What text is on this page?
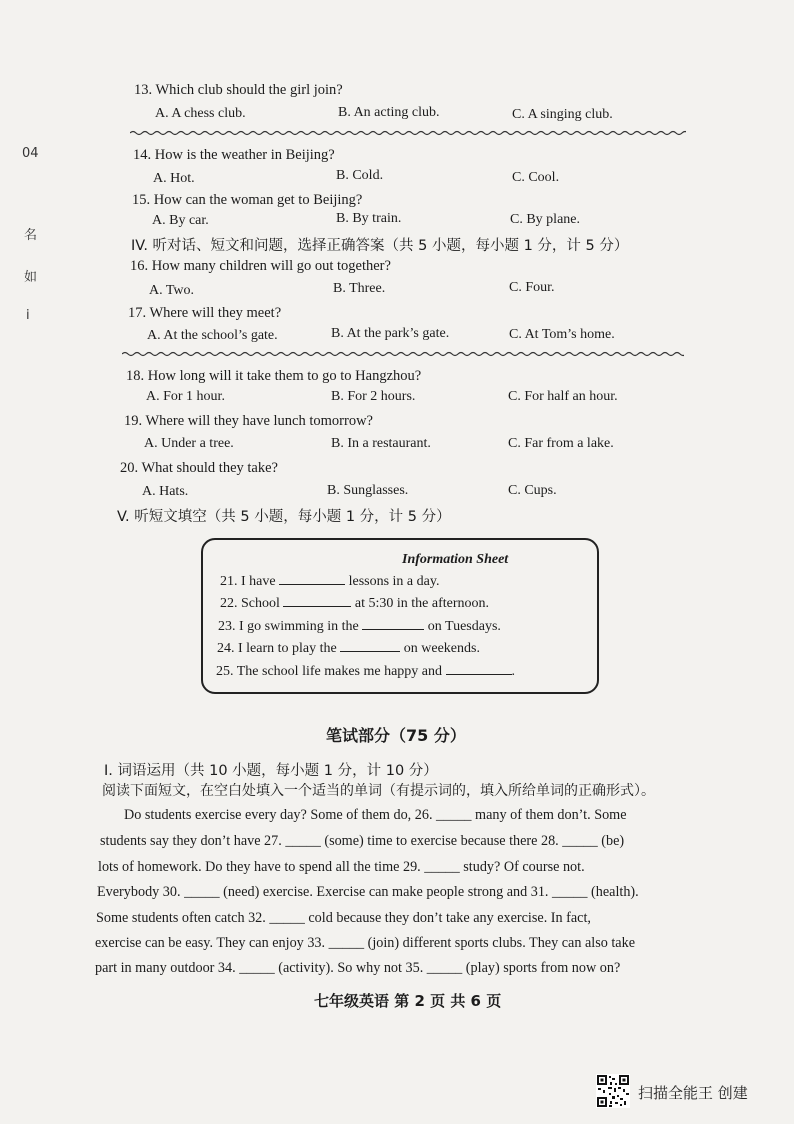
04
名
如
i
13. Which club should the girl join?
A. A chess club.	B. An acting club.	C. A singing club.
14. How is the weather in Beijing?
A. Hot.	B. Cold.	C. Cool.
15. How can the woman get to Beijing?
A. By car.	B. By train.	C. By plane.
IV. 听对话、短文和问题，选择正确答案（共 5 小题，每小题 1 分，计 5 分）
16. How many children will go out together?
A. Two.	B. Three.	C. Four.
17. Where will they meet?
A. At the school’s gate.	B. At the park’s gate.	C. At Tom’s home.
18. How long will it take them to go to Hangzhou?
A. For 1 hour.	B. For 2 hours.	C. For half an hour.
19. Where will they have lunch tomorrow?
A. Under a tree.	B. In a restaurant.	C. Far from a lake.
20. What should they take?
A. Hats.	B. Sunglasses.	C. Cups.
V. 听短文填空（共 5 小题，每小题 1 分，计 5 分）
Information Sheet
21. I have	lessons in a day.
22. School	at 5:30 in the afternoon.
23. I go swimming in the	on Tuesdays.
24. I learn to play the	on weekends.
25. The school life makes me happy and	.
笔试部分（75 分）
I. 词语运用（共 10 小题，每小题 1 分，计 10 分）
阅读下面短文，在空白处填入一个适当的单词（有提示词的，填入所给单词的正确形式）。
Do students exercise every day? Some of them do, 26. _____ many of them don’t. Some
students say they don’t have 27. _____ (some) time to exercise because there 28. _____ (be)
lots of homework. Do they have to spend all the time 29. _____ study? Of course not.
Everybody 30. _____ (need) exercise. Exercise can make people strong and 31. _____ (health).
Some students often catch 32. _____ cold because they don’t take any exercise. In fact,
exercise can be easy. They can enjoy 33. _____ (join) different sports clubs. They can also take
part in many outdoor 34. _____ (activity). So why not 35. _____ (play) sports from now on?
七年级英语 第 2 页 共 6 页
扫描全能王 创建
